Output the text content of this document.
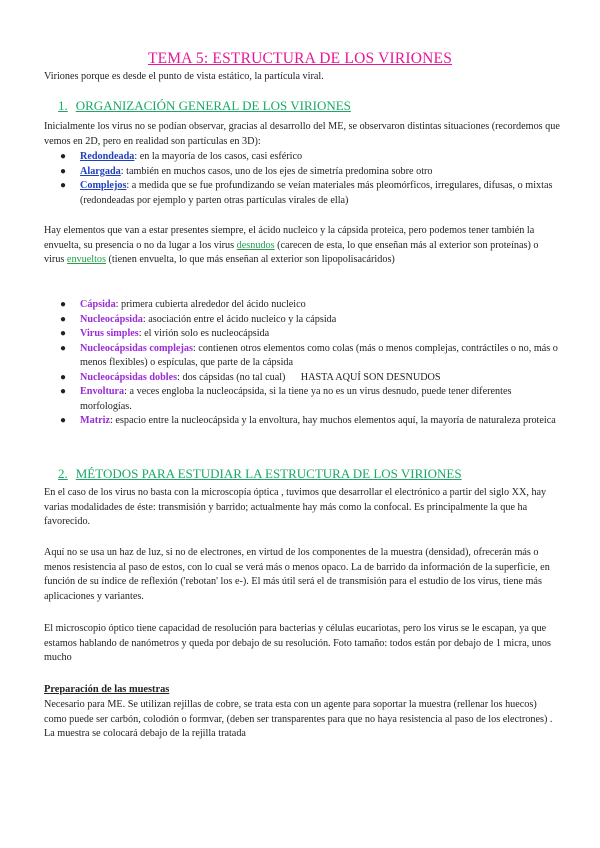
TEMA 5: ESTRUCTURA DE LOS VIRIONES

Viriones porque es desde el punto de vista estático, la partícula viral.

1. ORGANIZACIÓN GENERAL DE LOS VIRIONES

Inicialmente los virus no se podían observar, gracias al desarrollo del ME, se observaron distintas situaciones (recordemos que vemos en 2D, pero en realidad son partículas en 3D):

● Redondeada: en la mayoría de los casos, casi esférico
● Alargada: también en muchos casos, uno de los ejes de simetría predomina sobre otro
● Complejos: a medida que se fue profundizando se veían materiales más pleomórficos, irregulares, difusas, o mixtas (redondeadas por ejemplo y parten otras partículas virales de ella)

Hay elementos que van a estar presentes siempre, el ácido nucleico y la cápsida proteica, pero podemos tener también la envuelta, su presencia o no da lugar a los virus desnudos (carecen de esta, lo que enseñan más al exterior son proteínas) o virus envueltos (tienen envuelta, lo que más enseñan al exterior son lipopolisacáridos)

● Cápsida: primera cubierta alrededor del ácido nucleico
● Nucleocápsida: asociación entre el ácido nucleico y la cápsida
● Virus simples: el virión solo es nucleocápsida
● Nucleocápsidas complejas: contienen otros elementos como colas (más o menos complejas, contráctiles o no, más o menos flexibles) o espículas, que parte de la cápsida
● Nucleocápsidas dobles: dos cápsidas (no tal cual)      HASTA AQUÍ SON DESNUDOS
● Envoltura: a veces engloba la nucleocápsida, si la tiene ya no es un virus desnudo, puede tener diferentes morfologías.
● Matriz: espacio entre la nucleocápsida y la envoltura, hay muchos elementos aquí, la mayoría de naturaleza proteica

2. MÉTODOS PARA ESTUDIAR LA ESTRUCTURA DE LOS VIRIONES

En el caso de los virus no basta con la microscopía óptica , tuvimos que desarrollar el electrónico a partir del siglo XX, hay varias modalidades de éste: transmisión y barrido; actualmente hay más como la confocal. Es principalmente la que ha favorecido.

Aquí no se usa un haz de luz, si no de electrones, en virtud de los componentes de la muestra (densidad), ofrecerán más o menos resistencia al paso de estos, con lo cual se verá más o menos opaco. La de barrido da información de la superficie, en función de su índice de reflexión ('rebotan' los e-). El más útil será el de transmisión para el estudio de los virus, tiene más aplicaciones y variantes.

El microscopio óptico tiene capacidad de resolución para bacterias y células eucariotas, pero los virus se le escapan, ya que estamos hablando de nanómetros y queda por debajo de su resolución. Foto tamaño: todos están por debajo de 1 micra, unos mucho

Preparación de las muestras

Necesario para ME. Se utilizan rejillas de cobre, se trata esta con un agente para soportar la muestra (rellenar los huecos) como puede ser carbón, colodión o formvar, (deben ser transparentes para que no haya resistencia al paso de los electrones) . La muestra se colocará debajo de la rejilla tratada
